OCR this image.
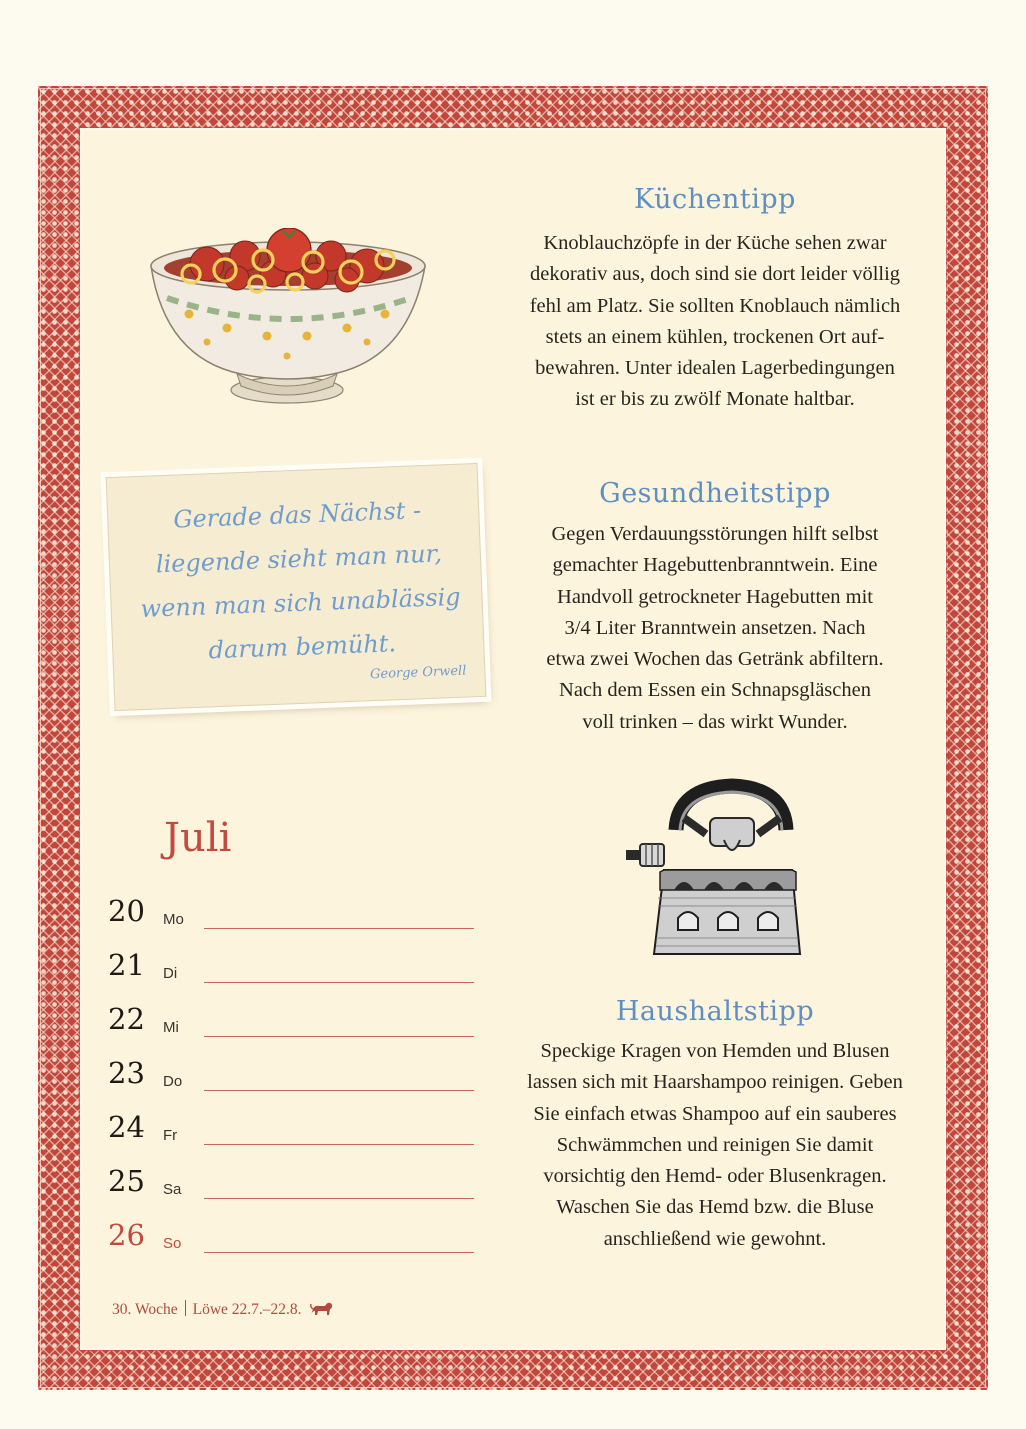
Küchentipp

Knoblauchzöpfe in der Küche sehen zwar
dekorativ aus, doch sind sie dort leider völlig
fehl am Platz. Sie sollten Knoblauch nämlich
stets an einem kühlen, trockenen Ort auf-
bewahren. Unter idealen Lagerbedingungen
ist er bis zu zwölf Monate haltbar.

Gesundheitstipp

Gegen Verdauungsstörungen hilft selbst
gemachter Hagebuttenbranntwein. Eine
Handvoll getrockneter Hagebutten mit
3/4 Liter Branntwein ansetzen. Nach
etwa zwei Wochen das Getränk abfiltern.
Nach dem Essen ein Schnapsgläschen
voll trinken – das wirkt Wunder.

Gerade das Nächst -
liegende sieht man nur,
wenn man sich unablässig
darum bemüht.

George Orwell

Haushaltstipp

Speckige Kragen von Hemden und Blusen
lassen sich mit Haarshampoo reinigen. Geben
Sie einfach etwas Shampoo auf ein sauberes
Schwämmchen und reinigen Sie damit
vorsichtig den Hemd- oder Blusenkragen.
Waschen Sie das Hemd bzw. die Bluse
anschließend wie gewohnt.

Juli
20 Mo
21 Di
22 Mi
23 Do
24 Fr
25 Sa
26 So

30. Woche Löwe 22.7.–22.8.
